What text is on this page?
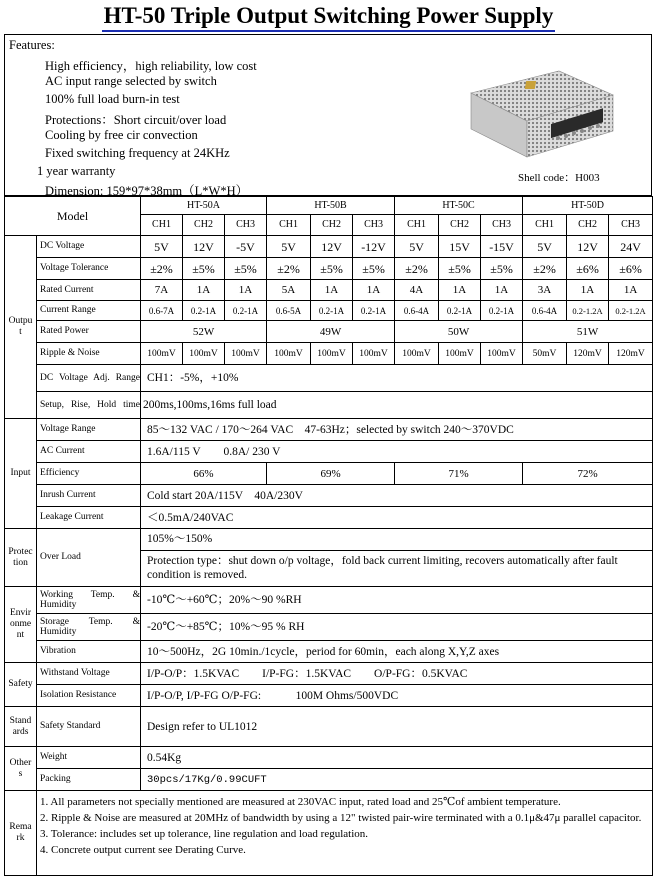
HT-50 Triple Output Switching Power Supply
Features:
High efficiency，high reliability, low cost
AC input range selected by switch
100% full load burn-in test
Protections：Short circuit/over load
Cooling by free cir convection
Fixed switching frequency at 24KHz
1 year warranty
Dimension: 159*97*38mm（L*W*H）
Shell code：H003
Model		HT-50A			HT-50B			HT-50C			HT-50D		
		CH1	CH2	CH3	CH1	CH2	CH3	CH1	CH2	CH3	CH1	CH2	CH3
Output	DC Voltage	5V	12V	-5V	5V	12V	-12V	5V	15V	-15V	5V	12V	24V
	Voltage Tolerance	±2%	±5%	±5%	±2%	±5%	±5%	±2%	±5%	±5%	±2%	±6%	±6%
	Rated Current	7A	1A	1A	5A	1A	1A	4A	1A	1A	3A	1A	1A
	Current Range	0.6-7A	0.2-1A	0.2-1A	0.6-5A	0.2-1A	0.2-1A	0.6-4A	0.2-1A	0.2-1A	0.6-4A	0.2-1.2A	0.2-1.2A
	Rated Power	52W			49W			50W			51W		
	Ripple & Noise	100mV	100mV	100mV	100mV	100mV	100mV	100mV	100mV	100mV	50mV	120mV	120mV
	DC Voltage Adj. Range	CH1：-5%，+10%											
	Setup, Rise, Hold time	200ms,100ms,16ms full load											
Input	Voltage Range	85～132 VAC / 170～264 VAC　47-63Hz；selected by switch 240～370VDC											
	AC Current	1.6A/115 V　　0.8A/ 230 V											
	Efficiency	66%			69%			71%			72%		
	Inrush Current	Cold start 20A/115V　40A/230V											
	Leakage Current	＜0.5mA/240VAC											
Protection	Over Load	105%～150%
Protection type：shut down o/p voltage，fold back current limiting, recovers automatically after fault condition is removed.											

Environment	Working Temp. & Humidity	-10℃～+60℃；20%～90 %RH											
	Storage Temp. & Humidity	-20℃～+85℃；10%～95 % RH											
	Vibration	10～500Hz，2G 10min./1cycle，period for 60min，each along X,Y,Z axes											
Safety	Withstand Voltage	I/P-O/P：1.5KVAC　　I/P-FG：1.5KVAC　　O/P-FG：0.5KVAC											
	Isolation Resistance	I/P-O/P, I/P-FG O/P-FG:　　　100M Ohms/500VDC											
Standards	Safety Standard	Design refer to UL1012											
Others	Weight	0.54Kg											
	Packing	30pcs/17Kg/0.99CUFT											
Remark	1. All parameters not specially mentioned are measured at 230VAC input, rated load and 25℃of ambient temperature.
2. Ripple & Noise are measured at 20MHz of bandwidth by using a 12" twisted pair-wire terminated with a 0.1μ&47μ parallel capacitor.
3. Tolerance: includes set up tolerance, line regulation and load regulation.
4. Concrete output current see Derating Curve.												
